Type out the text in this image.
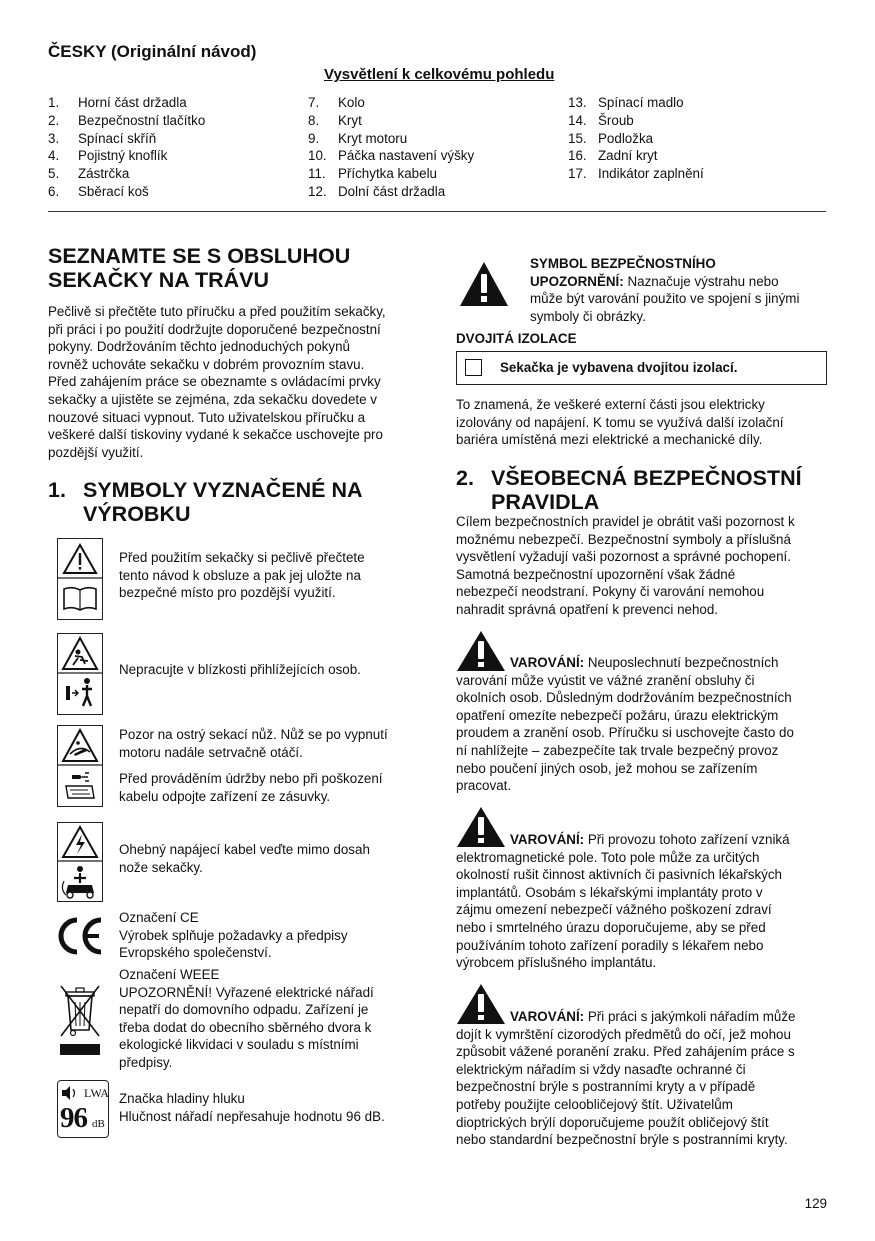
ČESKY (Originální návod)
Vysvětlení k celkovému pohledu
1.	Horní část držadla
2.	Bezpečnostní tlačítko
3.	Spínací skříň
4.	Pojistný knoflík
5.	Zástrčka
6.	Sběrací koš
7.	Kolo
8.	Kryt
9.	Kryt motoru
10. Páčka nastavení výšky
11. Příchytka kabelu
12. Dolní část držadla
13. Spínací madlo
14. Šroub
15. Podložka
16. Zadní kryt
17. Indikátor zaplnění
SEZNAMTE SE S OBSLUHOU
SEKAČKY NA TRÁVU
Pečlivě si přečtěte tuto příručku a před použitím sekačky,
při práci i po použití dodržujte doporučené bezpečnostní
pokyny. Dodržováním těchto jednoduchých pokynů
rovněž uchováte sekačku v dobrém provozním stavu.
Před zahájením práce se obeznamte s ovládacími prvky
sekačky a ujistěte se zejména, zda sekačku dovedete v
nouzové situaci vypnout. Tuto uživatelskou příručku a
veškeré další tiskoviny vydané k sekačce uschovejte pro
pozdější využití.
1. SYMBOLY VYZNAČENÉ NA
VÝROBKU
Před použitím sekačky si pečlivě přečtete
tento návod k obsluze a pak jej uložte na
bezpečné místo pro pozdější využití.
Nepracujte v blízkosti přihlížejících osob.
Pozor na ostrý sekací nůž. Nůž se po vypnutí
motoru nadále setrvačně otáčí.
Před prováděním údržby nebo při poškození
kabelu odpojte zařízení ze zásuvky.
Ohebný napájecí kabel veďte mimo dosah
nože sekačky.
Označení CE
Výrobek splňuje požadavky a předpisy
Evropského společenství.
Označení WEEE
UPOZORNĚNÍ! Vyřazené elektrické nářadí
nepatří do domovního odpadu. Zařízení je
třeba dodat do obecního sběrného dvora k
ekologické likvidaci v souladu s místními
předpisy.
LWA
96 dB
Značka hladiny hluku
Hlučnost nářadí nepřesahuje hodnotu 96 dB.
SYMBOL BEZPEČNOSTNÍHO
UPOZORNĚNÍ: Naznačuje výstrahu nebo
může být varování použito ve spojení s jinými
symboly či obrázky.
DVOJITÁ IZOLACE
Sekačka je vybavena dvojitou izolací.
To znamená, že veškeré externí části jsou elektricky
izolovány od napájení. K tomu se využívá další izolační
bariéra umístěná mezi elektrické a mechanické díly.
2. VŠEOBECNÁ BEZPEČNOSTNÍ
PRAVIDLA
Cílem bezpečnostních pravidel je obrátit vaši pozornost k
možnému nebezpečí. Bezpečnostní symboly a příslušná
vysvětlení vyžadují vaši pozornost a správné pochopení.
Samotná bezpečnostní upozornění však žádné
nebezpečí neodstraní. Pokyny či varování nemohou
nahradit správná opatření k prevenci nehod.
VAROVÁNÍ: Neuposlechnutí bezpečnostních
varování může vyústit ve vážné zranění obsluhy či
okolních osob. Důsledným dodržováním bezpečnostních
opatření omezíte nebezpečí požáru, úrazu elektrickým
proudem a zranění osob. Příručku si uschovejte často do
ní nahlížejte – zabezpečíte tak trvale bezpečný provoz
nebo poučení jiných osob, jež mohou se zařízením
pracovat.
VAROVÁNÍ: Při provozu tohoto zařízení vzniká
elektromagnetické pole. Toto pole může za určitých
okolností rušit činnost aktivních či pasivních lékařských
implantátů. Osobám s lékařskými implantáty proto v
zájmu omezení nebezpečí vážného poškození zdraví
nebo i smrtelného úrazu doporučujeme, aby se před
používáním tohoto zařízení poradily s lékařem nebo
výrobcem příslušného implantátu.
VAROVÁNÍ: Při práci s jakýmkoli nářadím může
dojít k vymrštění cizorodých předmětů do očí, jež mohou
způsobit vážené poranění zraku. Před zahájením práce s
elektrickým nářadím si vždy nasaďte ochranné či
bezpečnostní brýle s postranními kryty a v případě
potřeby použijte celoobličejový štít. Uživatelům
dioptrických brýlí doporučujeme použít obličejový štít
nebo standardní bezpečnostní brýle s postranními kryty.
129
